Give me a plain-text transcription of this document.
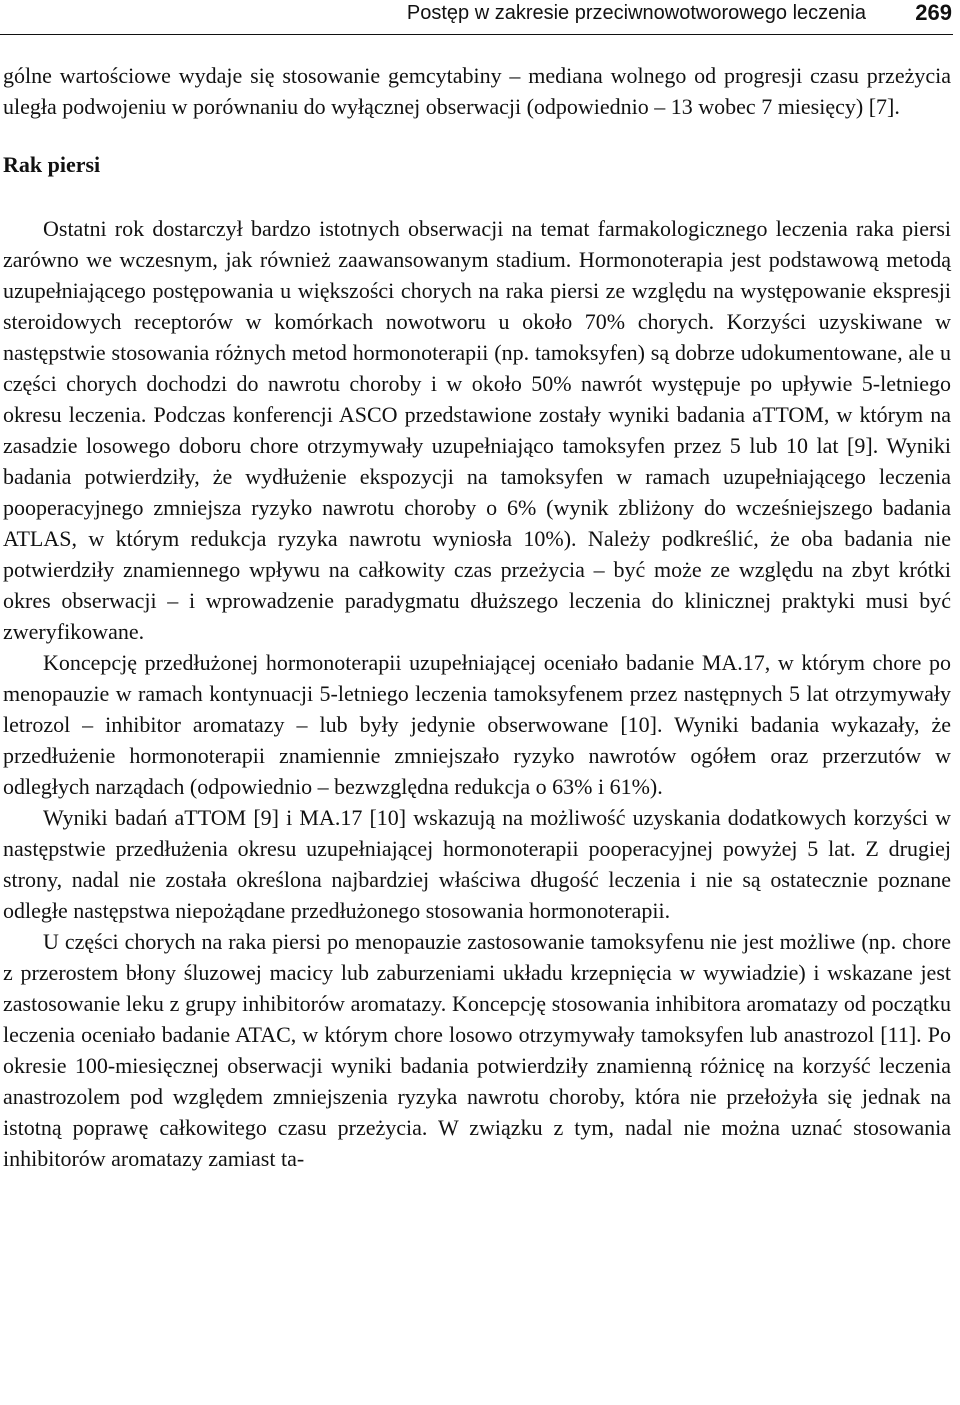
Postęp w zakresie przeciwnowotworowego leczenia 269

gólne wartościowe wydaje się stosowanie gemcytabiny – mediana wolnego od progresji czasu przeżycia uległa podwojeniu w porównaniu do wyłącznej obserwacji (odpowiednio – 13 wobec 7 miesięcy) [7].

Rak piersi

Ostatni rok dostarczył bardzo istotnych obserwacji na temat farmakologicznego leczenia raka piersi zarówno we wczesnym, jak również zaawansowanym stadium. Hormonoterapia jest podstawową metodą uzupełniającego postępowania u większości chorych na raka piersi ze względu na występowanie ekspresji steroidowych receptorów w komórkach nowotworu u około 70% chorych. Korzyści uzyskiwane w następstwie stosowania różnych metod hormonoterapii (np. tamoksyfen) są dobrze udokumentowane, ale u części chorych dochodzi do nawrotu choroby i w około 50% nawrót występuje po upływie 5-letniego okresu leczenia. Podczas konferencji ASCO przedstawione zostały wyniki badania aTTOM, w którym na zasadzie losowego doboru chore otrzymywały uzupełniająco tamoksyfen przez 5 lub 10 lat [9]. Wyniki badania potwierdziły, że wydłużenie ekspozycji na tamoksyfen w ramach uzupełniającego leczenia pooperacyjnego zmniejsza ryzyko nawrotu choroby o 6% (wynik zbliżony do wcześniejszego badania ATLAS, w którym redukcja ryzyka nawrotu wyniosła 10%). Należy podkreślić, że oba badania nie potwierdziły znamiennego wpływu na całkowity czas przeżycia – być może ze względu na zbyt krótki okres obserwacji – i wprowadzenie paradygmatu dłuższego leczenia do klinicznej praktyki musi być zweryfikowane.

Koncepcję przedłużonej hormonoterapii uzupełniającej oceniało badanie MA.17, w którym chore po menopauzie w ramach kontynuacji 5-letniego leczenia tamoksyfenem przez następnych 5 lat otrzymywały letrozol – inhibitor aromatazy – lub były jedynie obserwowane [10]. Wyniki badania wykazały, że przedłużenie hormonoterapii znamiennie zmniejszało ryzyko nawrotów ogółem oraz przerzutów w odległych narządach (odpowiednio – bezwzględna redukcja o 63% i 61%).

Wyniki badań aTTOM [9] i MA.17 [10] wskazują na możliwość uzyskania dodatkowych korzyści w następstwie przedłużenia okresu uzupełniającej hormonoterapii pooperacyjnej powyżej 5 lat. Z drugiej strony, nadal nie została określona najbardziej właściwa długość leczenia i nie są ostatecznie poznane odległe następstwa niepożądane przedłużonego stosowania hormonoterapii.

U części chorych na raka piersi po menopauzie zastosowanie tamoksyfenu nie jest możliwe (np. chore z przerostem błony śluzowej macicy lub zaburzeniami układu krzepnięcia w wywiadzie) i wskazane jest zastosowanie leku z grupy inhibitorów aromatazy. Koncepcję stosowania inhibitora aromatazy od początku leczenia oceniało badanie ATAC, w którym chore losowo otrzymywały tamoksyfen lub anastrozol [11]. Po okresie 100-miesięcznej obserwacji wyniki badania potwierdziły znamienną różnicę na korzyść leczenia anastrozolem pod względem zmniejszenia ryzyka nawrotu choroby, która nie przełożyła się jednak na istotną poprawę całkowitego czasu przeżycia. W związku z tym, nadal nie można uznać stosowania inhibitorów aromatazy zamiast ta-
